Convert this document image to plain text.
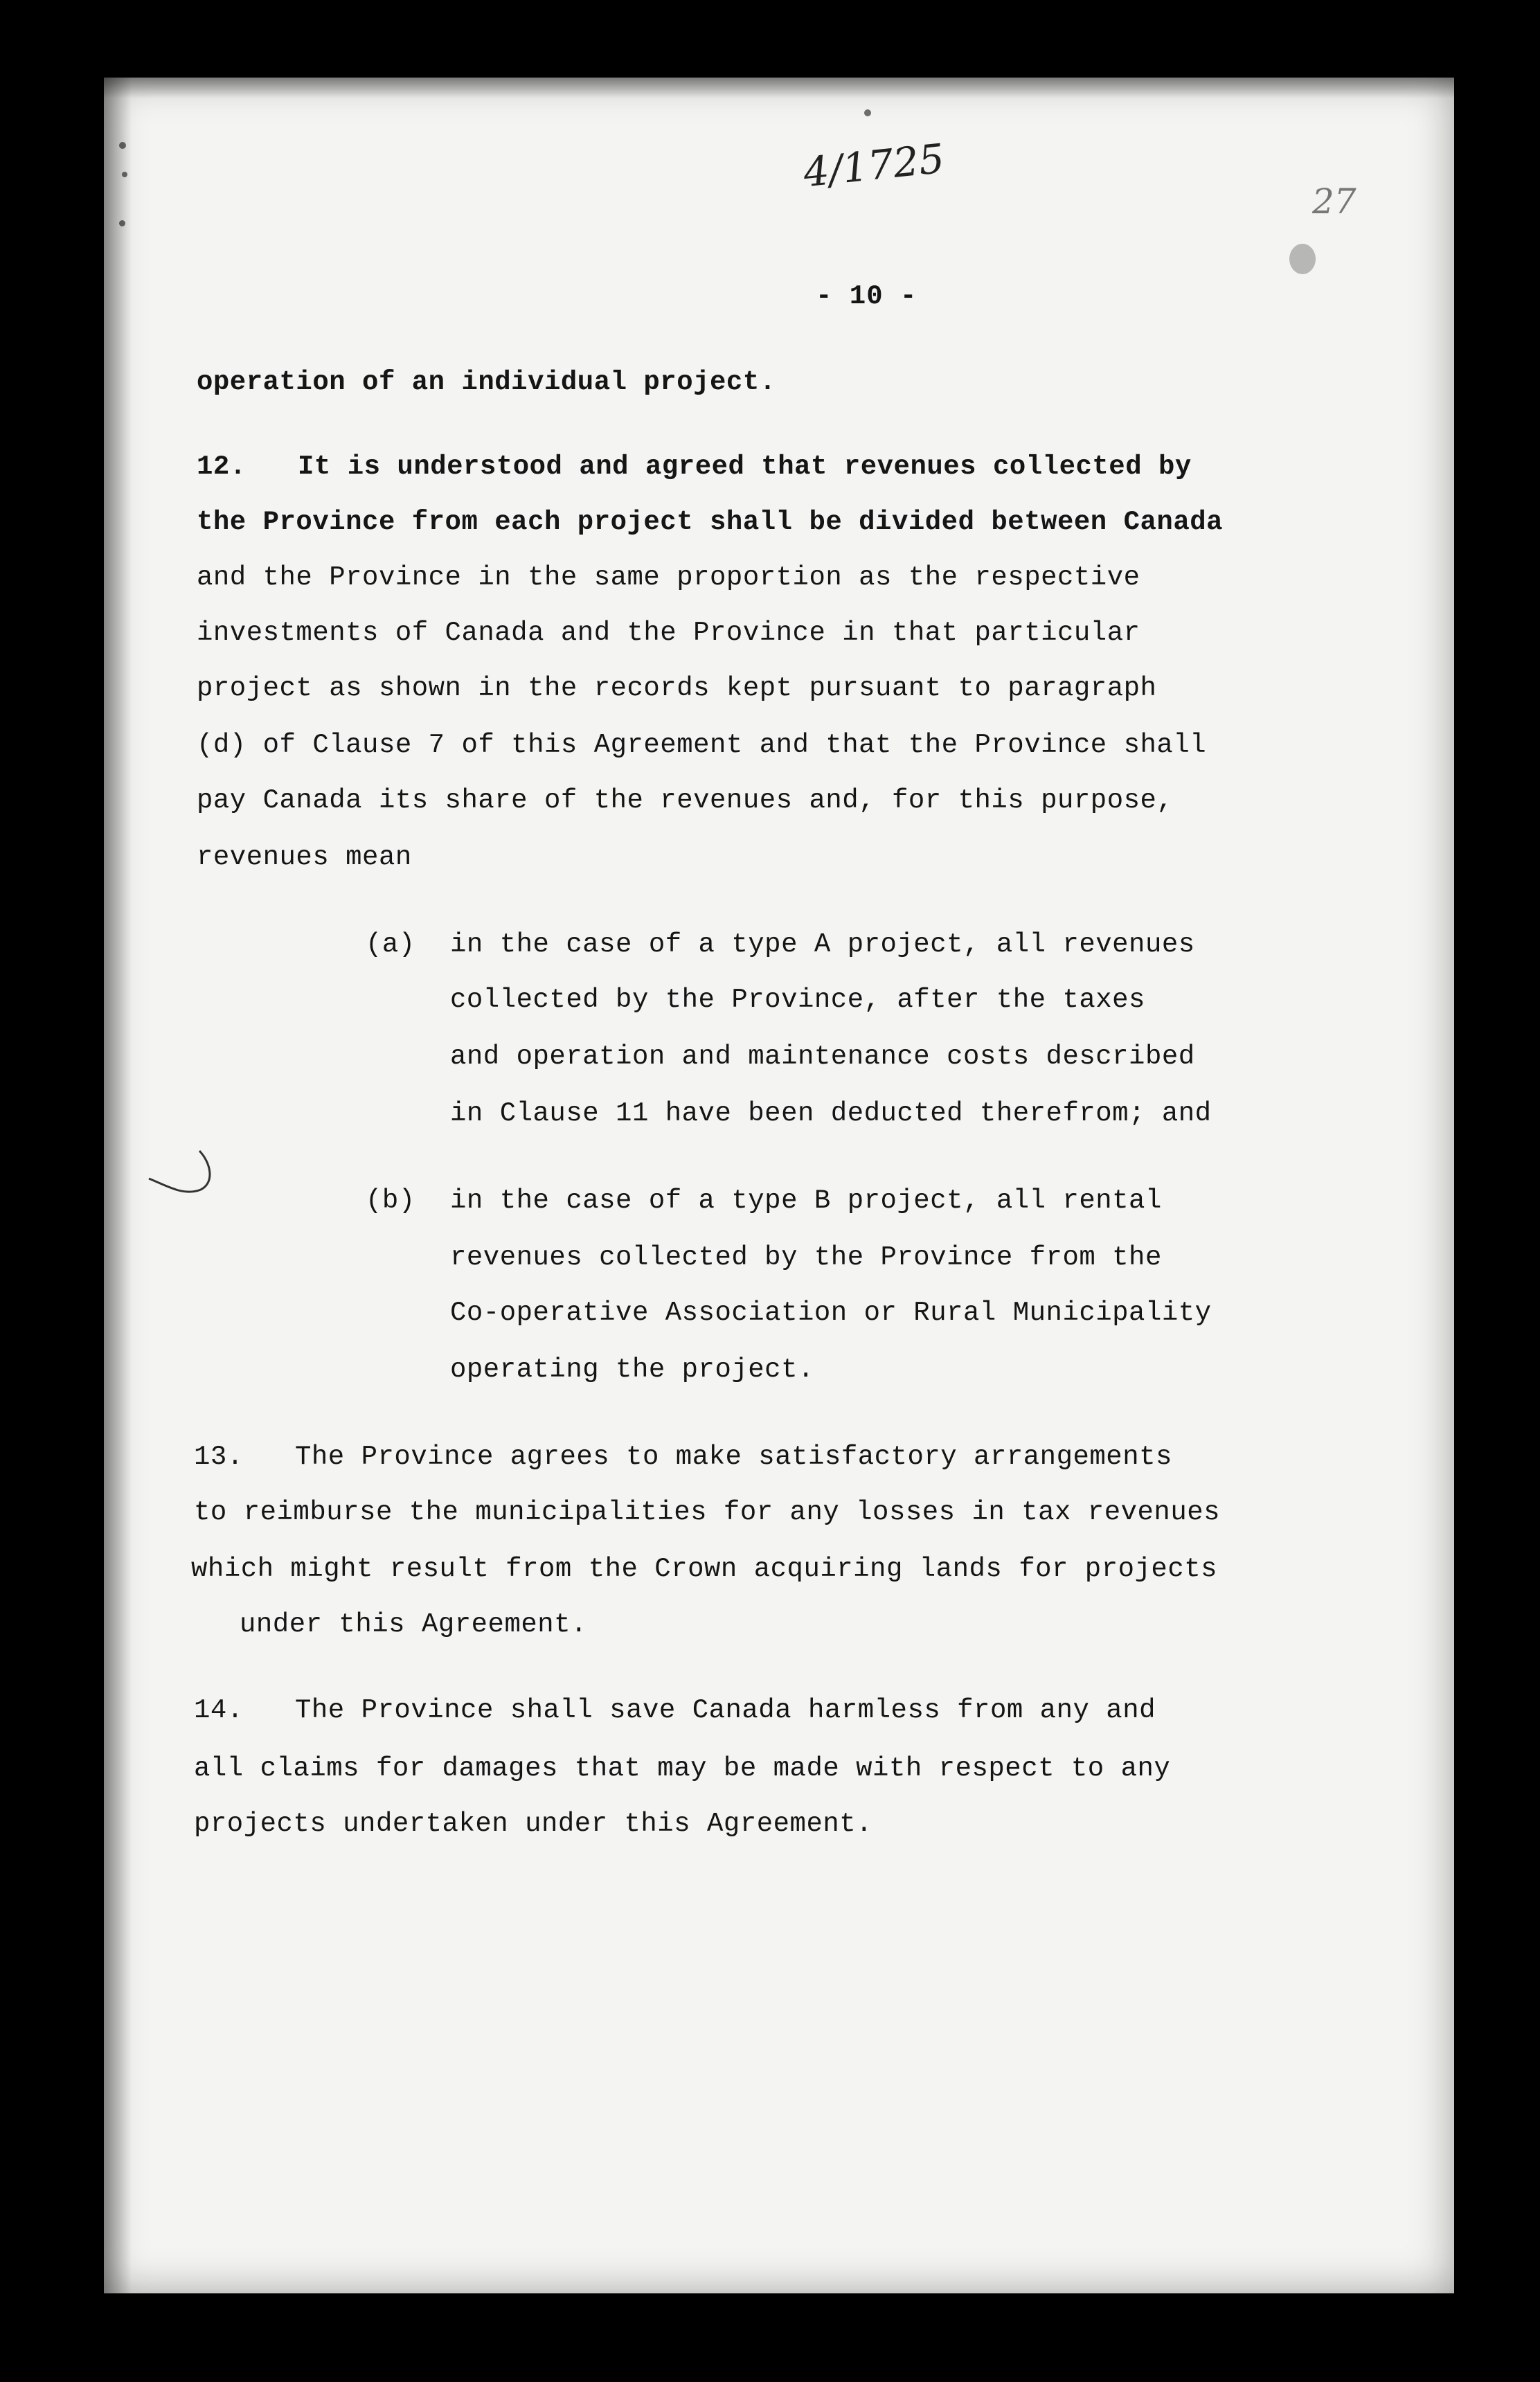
4/1725
27
- 10 -
operation of an individual project.
12. It is understood and agreed that revenues collected by
the Province from each project shall be divided between Canada
and the Province in the same proportion as the respective
investments of Canada and the Province in that particular
project as shown in the records kept pursuant to paragraph
(d) of Clause 7 of this Agreement and that the Province shall
pay Canada its share of the revenues and, for this purpose,
revenues mean
(a) in the case of a type A project, all revenues
collected by the Province, after the taxes
and operation and maintenance costs described
in Clause 11 have been deducted therefrom; and
(b) in the case of a type B project, all rental
revenues collected by the Province from the
Co-operative Association or Rural Municipality
operating the project.
13. The Province agrees to make satisfactory arrangements
to reimburse the municipalities for any losses in tax revenues
which might result from the Crown acquiring lands for projects
under this Agreement.
14. The Province shall save Canada harmless from any and
all claims for damages that may be made with respect to any
projects undertaken under this Agreement.
